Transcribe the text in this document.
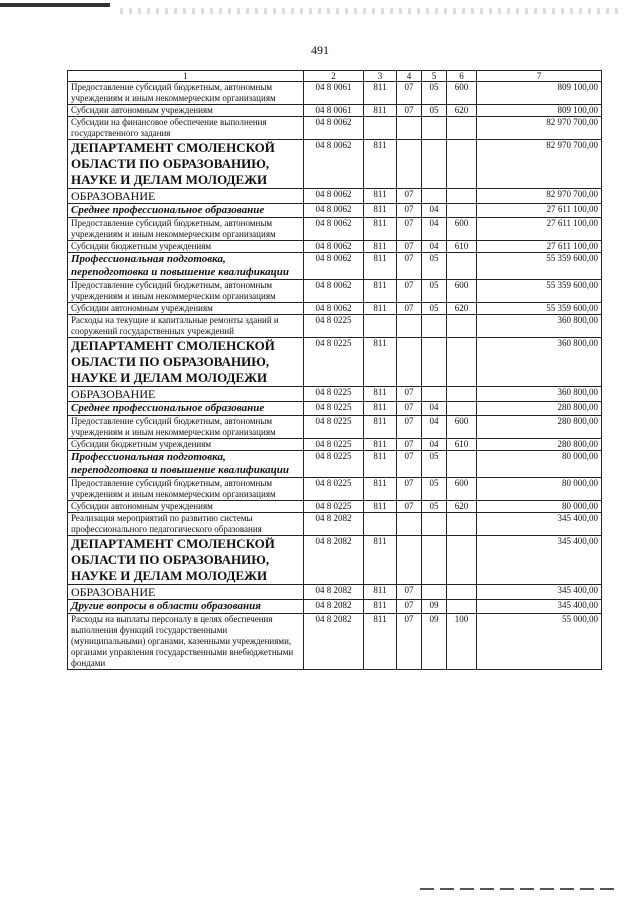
491
1	2	3	4	5	6	7
Предоставление субсидий бюджетным, автономным учреждениям и иным некоммерческим организациям	04 8 0061	811	07	05	600	809 100,00
Субсидии автономным учреждениям	04 8 0061	811	07	05	620	809 100,00
Субсидии на финансовое обеспечение выполнения государственного задания	04 8 0062					82 970 700,00
ДЕПАРТАМЕНТ СМОЛЕНСКОЙ ОБЛАСТИ ПО ОБРАЗОВАНИЮ, НАУКЕ И ДЕЛАМ МОЛОДЕЖИ	04 8 0062	811				82 970 700,00
ОБРАЗОВАНИЕ	04 8 0062	811	07			82 970 700,00
Среднее профессиональное образование	04 8 0062	811	07	04		27 611 100,00
Предоставление субсидий бюджетным, автономным учреждениям и иным некоммерческим организациям	04 8 0062	811	07	04	600	27 611 100,00
Субсидии бюджетным учреждениям	04 8 0062	811	07	04	610	27 611 100,00
Профессиональная подготовка, переподготовка и повышение квалификации	04 8 0062	811	07	05		55 359 600,00
Предоставление субсидий бюджетным, автономным учреждениям и иным некоммерческим организациям	04 8 0062	811	07	05	600	55 359 600,00
Субсидии автономным учреждениям	04 8 0062	811	07	05	620	55 359 600,00
Расходы на текущие и капитальные ремонты зданий и сооружений государственных учреждений	04 8 0225					360 800,00
ДЕПАРТАМЕНТ СМОЛЕНСКОЙ ОБЛАСТИ ПО ОБРАЗОВАНИЮ, НАУКЕ И ДЕЛАМ МОЛОДЕЖИ	04 8 0225	811				360 800,00
ОБРАЗОВАНИЕ	04 8 0225	811	07			360 800,00
Среднее профессиональное образование	04 8 0225	811	07	04		280 800,00
Предоставление субсидий бюджетным, автономным учреждениям и иным некоммерческим организациям	04 8 0225	811	07	04	600	280 800,00
Субсидии бюджетным учреждениям	04 8 0225	811	07	04	610	280 800,00
Профессиональная подготовка, переподготовка и повышение квалификации	04 8 0225	811	07	05		80 000,00
Предоставление субсидий бюджетным, автономным учреждениям и иным некоммерческим организациям	04 8 0225	811	07	05	600	80 000,00
Субсидии автономным учреждениям	04 8 0225	811	07	05	620	80 000,00
Реализация мероприятий по развитию системы профессионального педагогического образования	04 8 2082					345 400,00
ДЕПАРТАМЕНТ СМОЛЕНСКОЙ ОБЛАСТИ ПО ОБРАЗОВАНИЮ, НАУКЕ И ДЕЛАМ МОЛОДЕЖИ	04 8 2082	811				345 400,00
ОБРАЗОВАНИЕ	04 8 2082	811	07			345 400,00
Другие вопросы в области образования	04 8 2082	811	07	09		345 400,00
Расходы на выплаты персоналу в целях обеспечения выполнения функций государственными (муниципальными) органами, казенными учреждениями, органами управления государственными внебюджетными фондами	04 8 2082	811	07	09	100	55 000,00
